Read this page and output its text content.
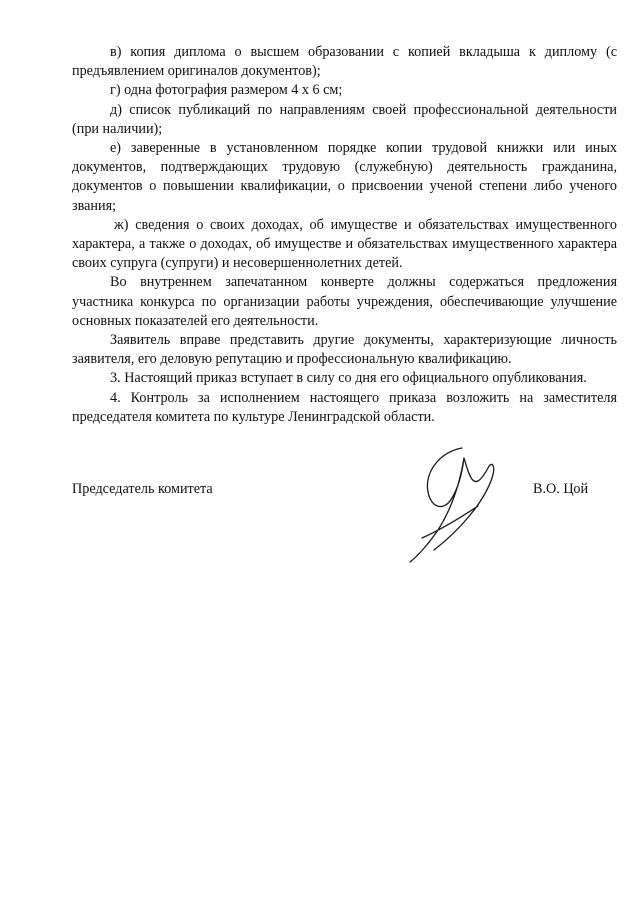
в) копия диплома о высшем образовании с копией вкладыша к диплому (с предъявлением оригиналов документов);

г) одна фотография размером 4 х 6 см;

д) список публикаций по направлениям своей профессиональной деятельности (при наличии);

е) заверенные в установленном порядке копии трудовой книжки или иных документов, подтверждающих трудовую (служебную) деятельность гражданина, документов о повышении квалификации, о присвоении ученой степени либо ученого звания;

ж) сведения о своих доходах, об имуществе и обязательствах имущественного характера, а также о доходах, об имуществе и обязательствах имущественного характера своих супруга (супруги) и несовершеннолетних детей.

Во внутреннем запечатанном конверте должны содержаться предложения участника конкурса по организации работы учреждения, обеспечивающие улучшение основных показателей его деятельности.

Заявитель вправе представить другие документы, характеризующие личность заявителя, его деловую репутацию и профессиональную квалификацию.

3. Настоящий приказ вступает в силу со дня его официального опубликования.

4. Контроль за исполнением настоящего приказа возложить на заместителя председателя комитета по культуре Ленинградской области.

Председатель комитета	В.О. Цой
